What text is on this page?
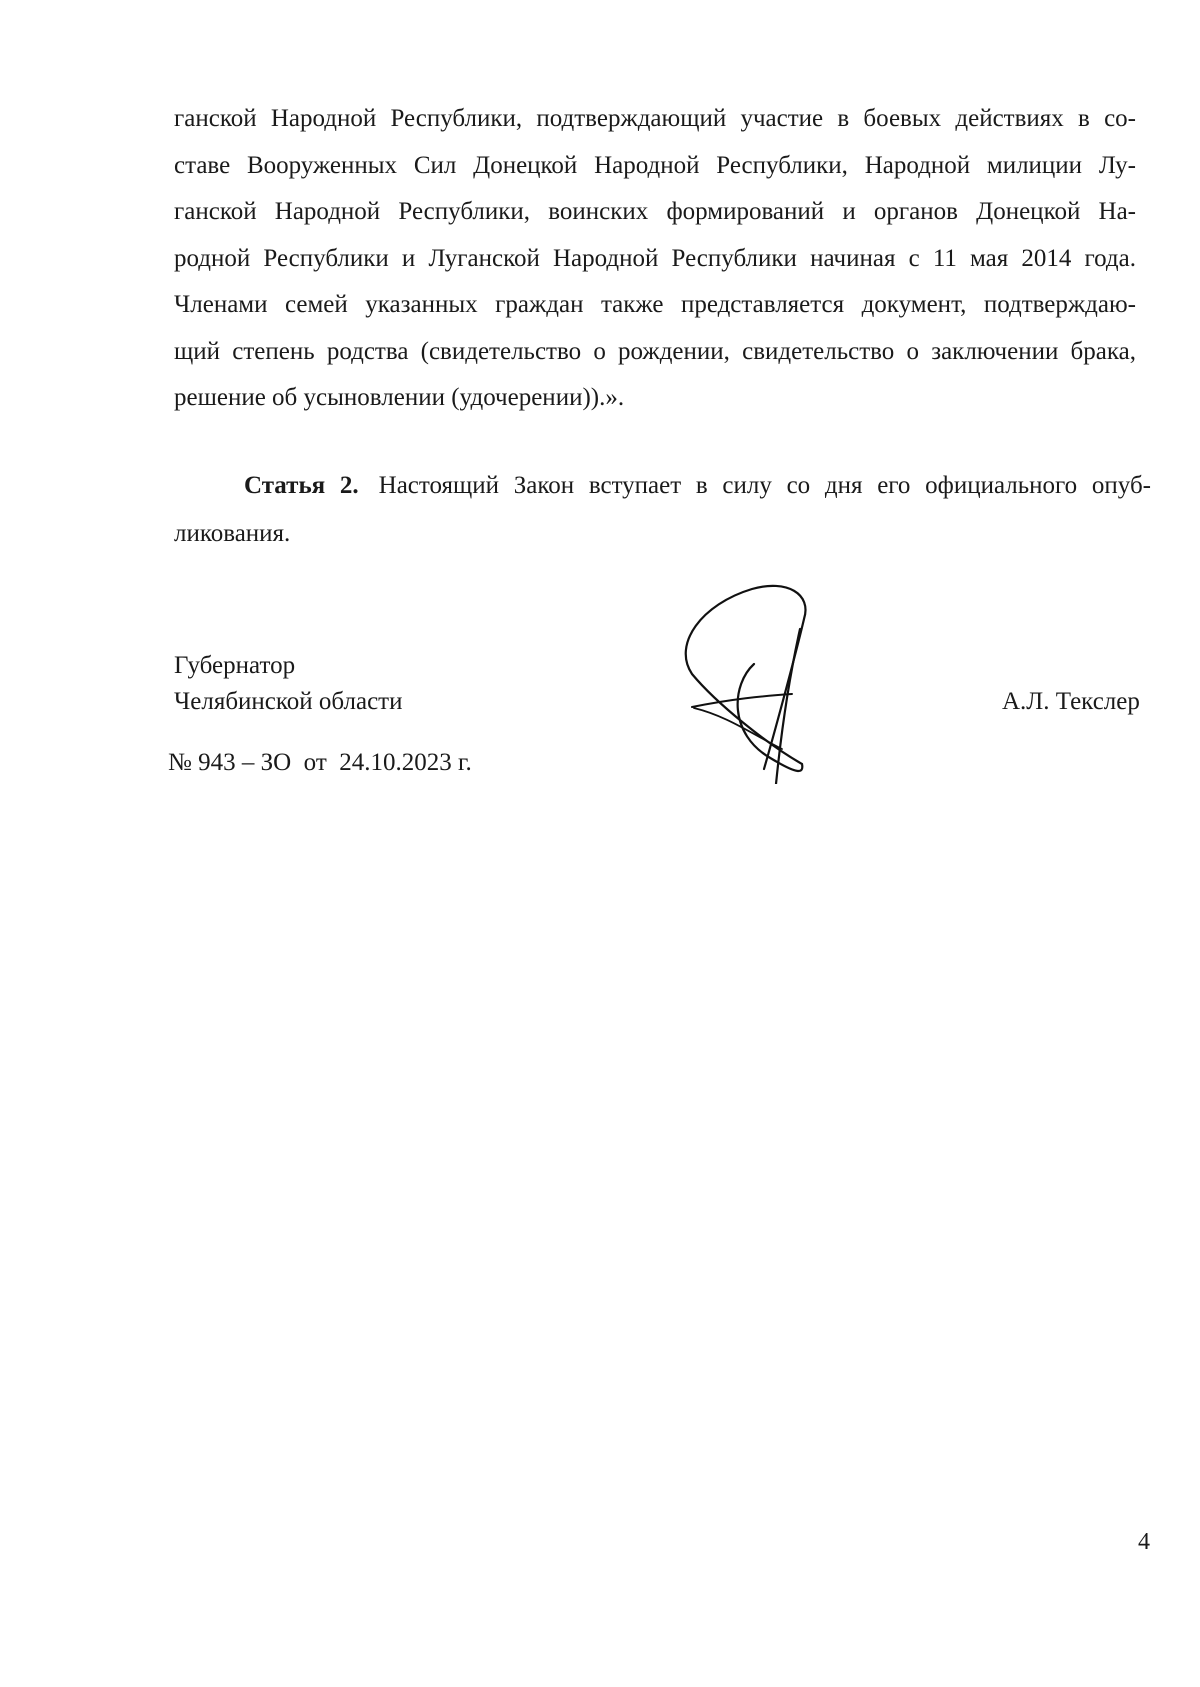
ганской Народной Республики, подтверждающий участие в боевых действиях в со-
ставе Вооруженных Сил Донецкой Народной Республики, Народной милиции Лу-
ганской Народной Республики, воинских формирований и органов Донецкой На-
родной Республики и Луганской Народной Республики начиная с 11 мая 2014 года.
Членами семей указанных граждан также представляется документ, подтверждаю-
щий степень родства (свидетельство о рождении, свидетельство о заключении брака,
решение об усыновлении (удочерении)).».
Статья 2. Настоящий Закон вступает в силу со дня его официального опуб-
ликования.
Губернатор
Челябинской области	А.Л. Текслер
№ 943 – ЗО  от  24.10.2023 г.
4
